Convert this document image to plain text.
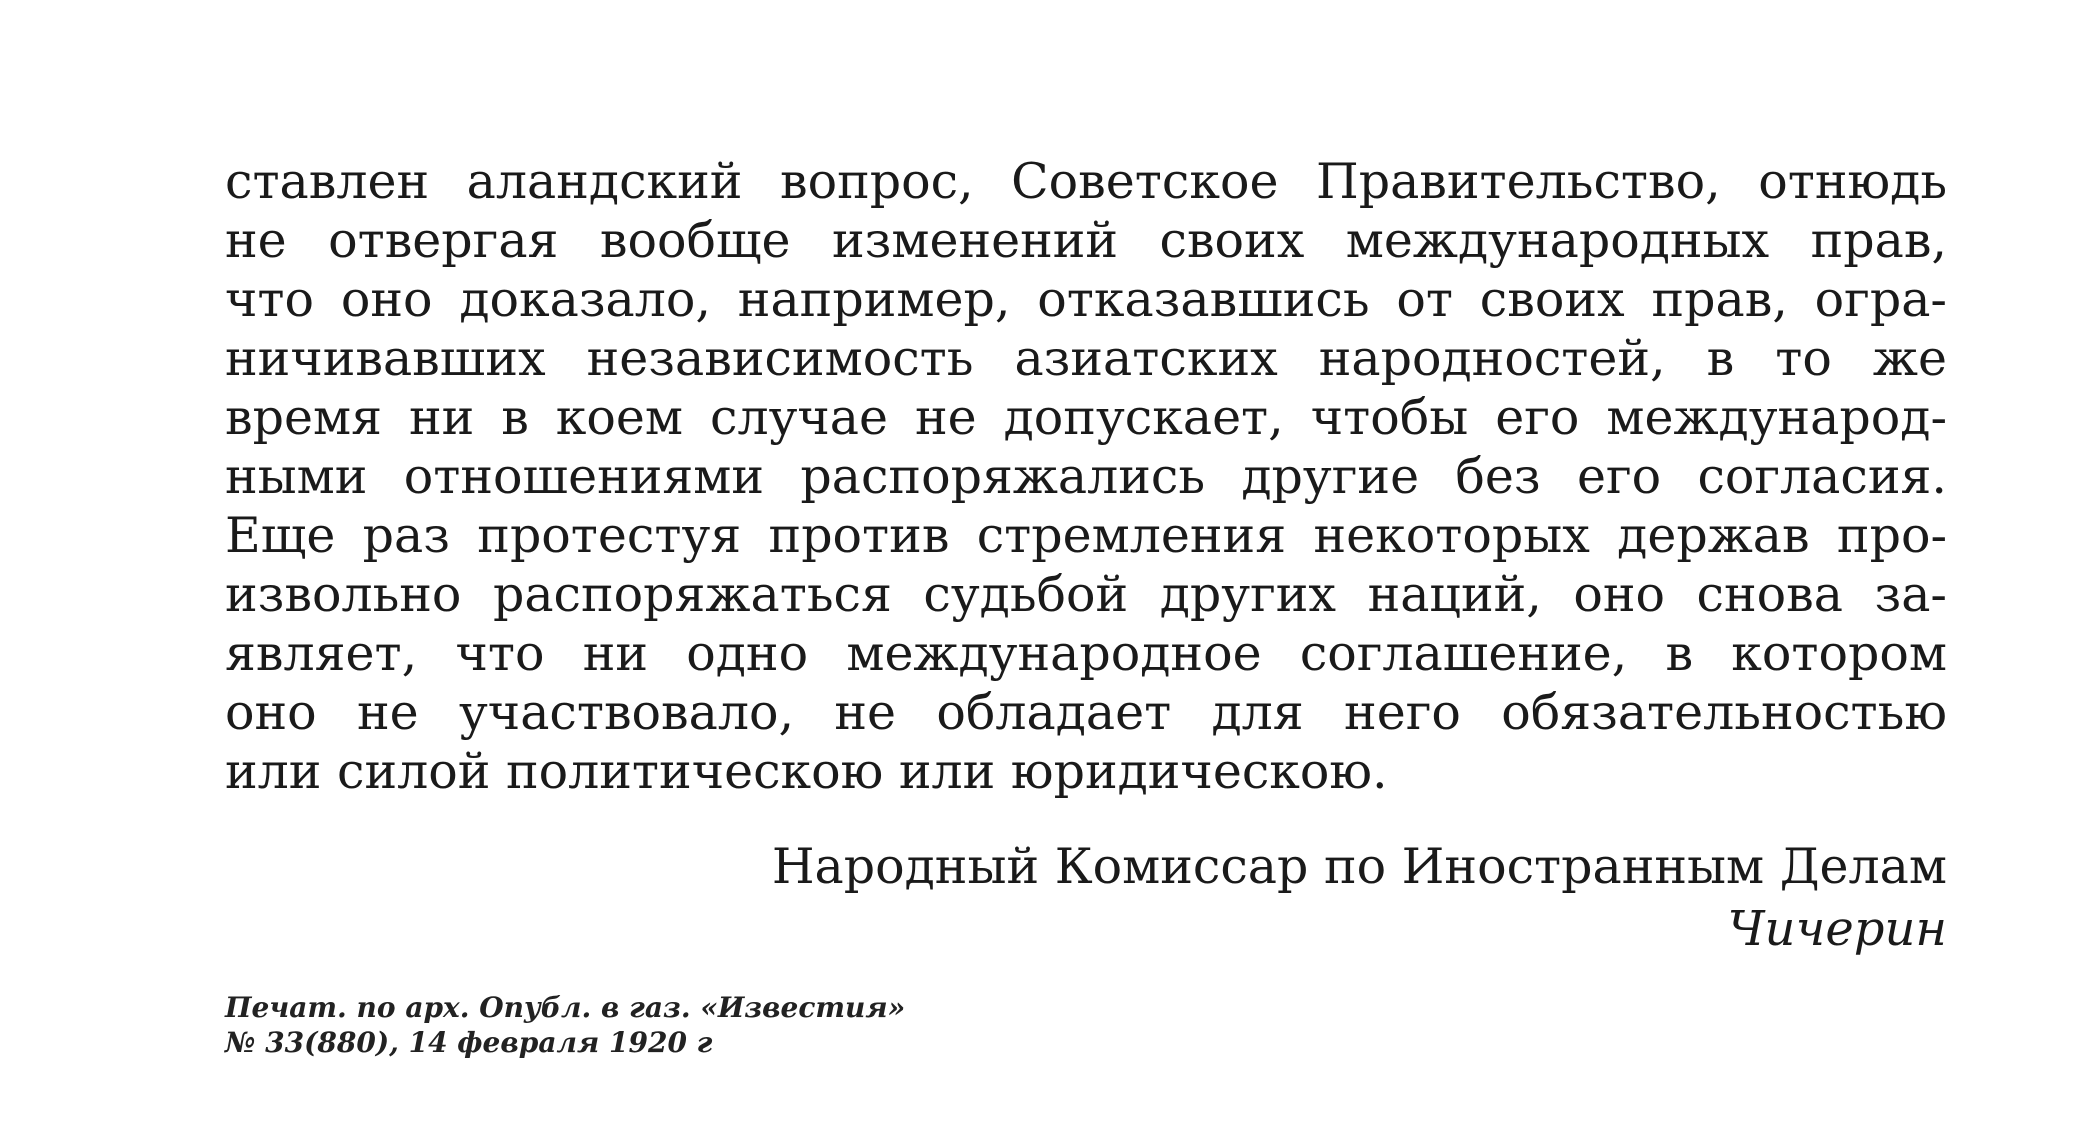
ставлен аландский вопрос, Советское Правительство, отнюдь
не отвергая вообще изменений своих международных прав,
что оно доказало, например, отказавшись от своих прав, огра-
ничивавших независимость азиатских народностей, в то же
время ни в коем случае не допускает, чтобы его международ-
ными отношениями распоряжались другие без его согласия.
Еще раз протестуя против стремления некоторых держав про-
извольно распоряжаться судьбой других наций, оно снова за-
являет, что ни одно международное соглашение, в котором
оно не участвовало, не обладает для него обязательностью
или силой политическою или юридическою.
Народный Комиссар по Иностранным Делам
Чичерин
Печат. по арх. Опубл. в газ. «Известия»
№ 33(880), 14 февраля 1920 г
